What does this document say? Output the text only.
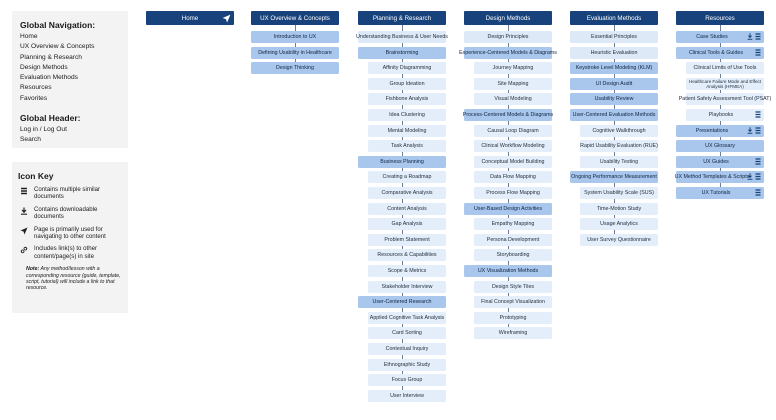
Global Navigation:
Home
UX Overview & Concepts
Planning & Research
Design Methods
Evaluation Methods
Resources
Favorites
Global Header:
Log in / Log Out
Search
Icon Key
Contains multiple similar documents
Contains downloadable documents
Page is primarily used for navigating to other content
Includes link(s) to other content/page(s) in site
Note: Any method/lesson with a corresponding resource (guide, template, script, tutorial) will include a link to that resource.
Home	UX Overview & Concepts
Introduction to UX
Defining Usability in Healthcare
Design Thinking
Planning & Research
Understanding Business & User Needs
Brainstorming
Affinity Diagramming
Group Ideation
Fishbone Analysis
Idea Clustering
Mental Modeling
Task Analysis
Business Planning
Creating a Roadmap
Comparative Analysis
Content Analysis
Gap Analysis
Problem Statement
Resources & Capabilities
Scope & Metrics
Stakeholder Interview
User-Centered Research
Applied Cognitive Task Analysis
Card Sorting
Contextual Inquiry
Ethnographic Study
Focus Group
User Interview
Design Methods
Design Principles
Experience-Centered Models & Diagrams
Journey Mapping
Site Mapping
Visual Modeling
Process-Centered Models & Diagrams
Causal Loop Diagram
Clinical Workflow Modeling
Conceptual Model Building
Data Flow Mapping
Process Flow Mapping
User-Based Design Activities
Empathy Mapping
Persona Development
Storyboarding
UX Visualization Methods
Design Style Tiles
Final Concept Visualization
Prototyping
Wireframing
Evaluation Methods
Essential Principles
Heuristic Evaluation
Keystroke Level Modeling (KLM)
UI Design Audit
Usability Review
User-Centered Evaluation Methods
Cognitive Walkthrough
Rapid Usability Evaluation (RUE)
Usability Testing
Ongoing Performance Measurement
System Usability Scale (SUS)
Time-Motion Study
Usage Analytics
User Survey Questionnaire
Resources
Case Studies
Clinical Tools & Guides
Clinical Limits of Use Tools
Healthcare Failure Mode and Effect Analysis (HFMEA)
Patient Safety Assessment Tool (PSAT)
Playbooks
Presentations
UX Glossary
UX Guides
UX Method Templates & Scripts
UX Tutorials
